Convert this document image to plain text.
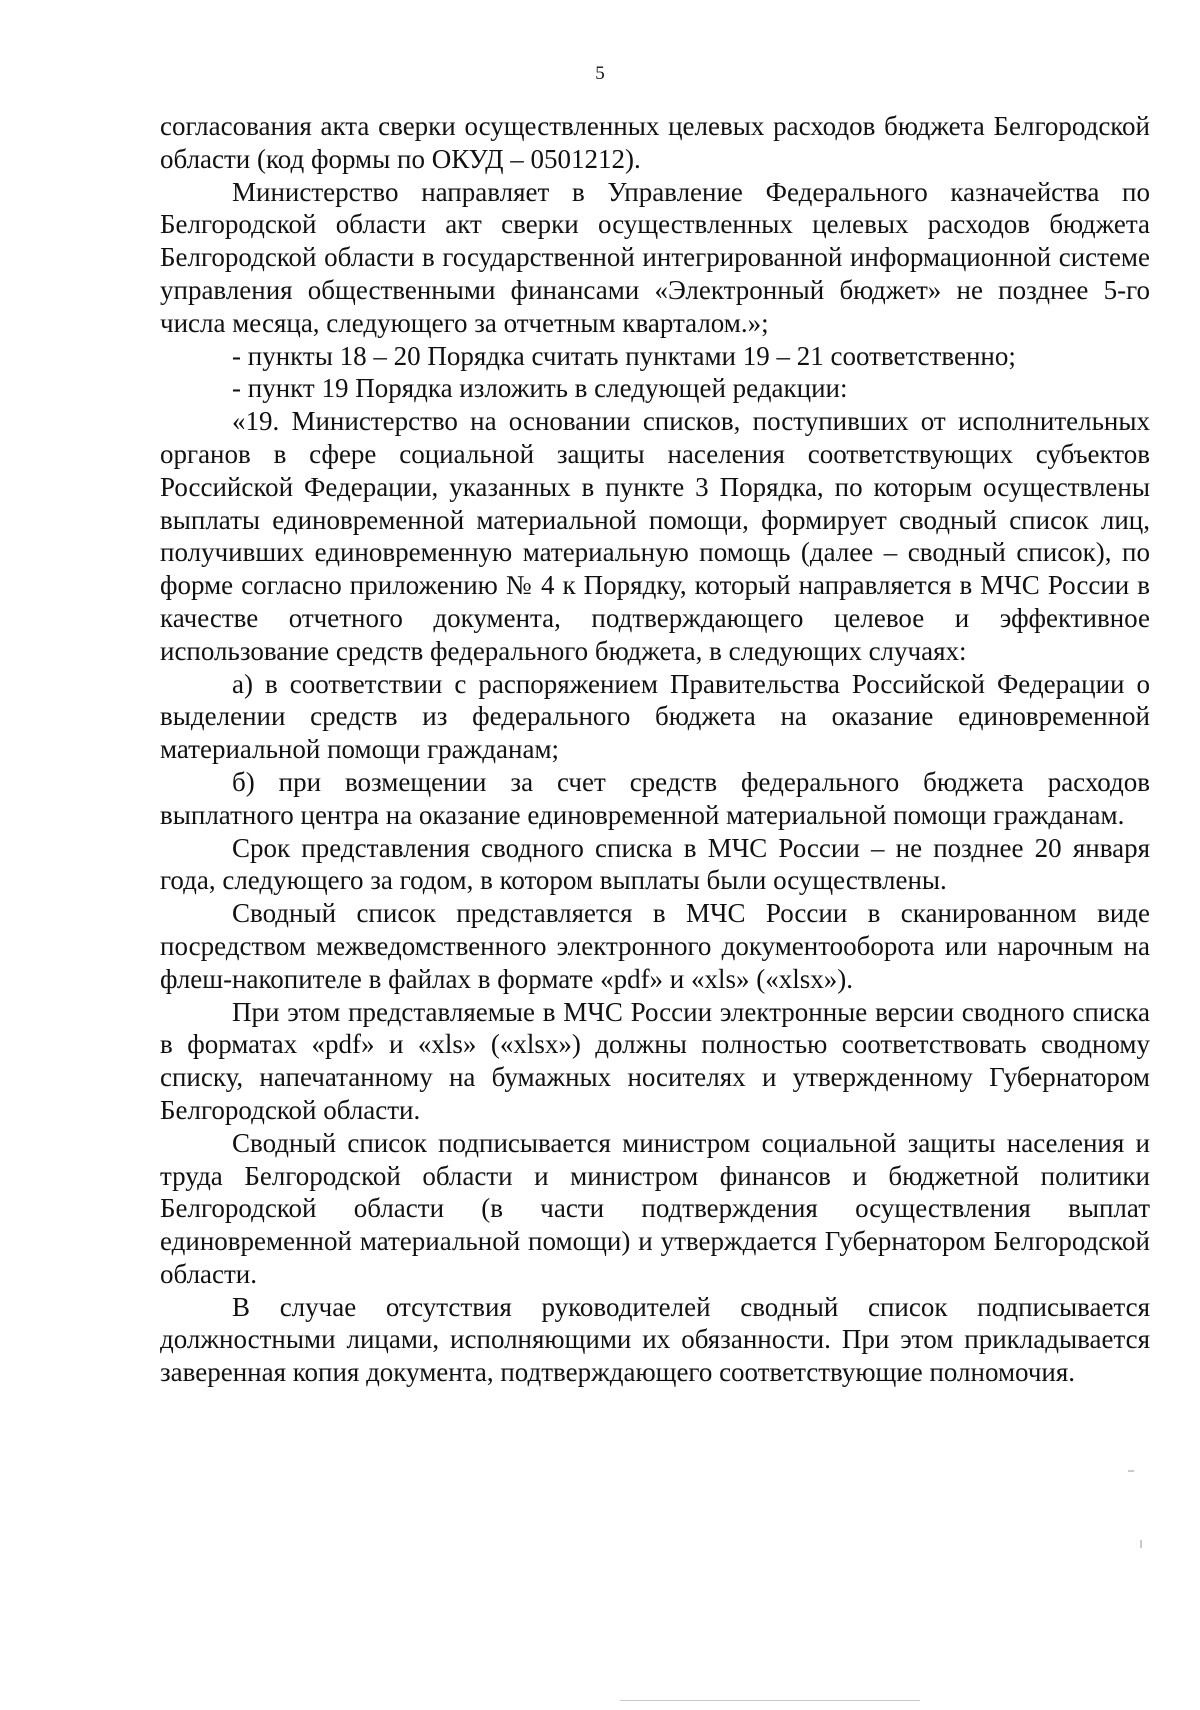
5

согласования акта сверки осуществленных целевых расходов бюджета Белгородской области (код формы по ОКУД – 0501212).

Министерство направляет в Управление Федерального казначейства по Белгородской области акт сверки осуществленных целевых расходов бюджета Белгородской области в государственной интегрированной информационной системе управления общественными финансами «Электронный бюджет» не позднее 5-го числа месяца, следующего за отчетным кварталом.»;

- пункты 18 – 20 Порядка считать пунктами 19 – 21 соответственно;

- пункт 19 Порядка изложить в следующей редакции:

«19. Министерство на основании списков, поступивших от исполнительных органов в сфере социальной защиты населения соответствующих субъектов Российской Федерации, указанных в пункте 3 Порядка, по которым осуществлены выплаты единовременной материальной помощи, формирует сводный список лиц, получивших единовременную материальную помощь (далее – сводный список), по форме согласно приложению № 4 к Порядку, который направляется в МЧС России в качестве отчетного документа, подтверждающего целевое и эффективное использование средств федерального бюджета, в следующих случаях:

а) в соответствии с распоряжением Правительства Российской Федерации о выделении средств из федерального бюджета на оказание единовременной материальной помощи гражданам;

б) при возмещении за счет средств федерального бюджета расходов выплатного центра на оказание единовременной материальной помощи гражданам.

Срок представления сводного списка в МЧС России – не позднее 20 января года, следующего за годом, в котором выплаты были осуществлены.

Сводный список представляется в МЧС России в сканированном виде посредством межведомственного электронного документооборота или нарочным на флеш-накопителе в файлах в формате «pdf» и «xls» («xlsx»).

При этом представляемые в МЧС России электронные версии сводного списка в форматах «pdf» и «xls» («xlsx») должны полностью соответствовать сводному списку, напечатанному на бумажных носителях и утвержденному Губернатором Белгородской области.

Сводный список подписывается министром социальной защиты населения и труда Белгородской области и министром финансов и бюджетной политики Белгородской области (в части подтверждения осуществления выплат единовременной материальной помощи) и утверждается Губернатором Белгородской области.

В случае отсутствия руководителей сводный список подписывается должностными лицами, исполняющими их обязанности. При этом прикладывается заверенная копия документа, подтверждающего соответствующие полномочия.
